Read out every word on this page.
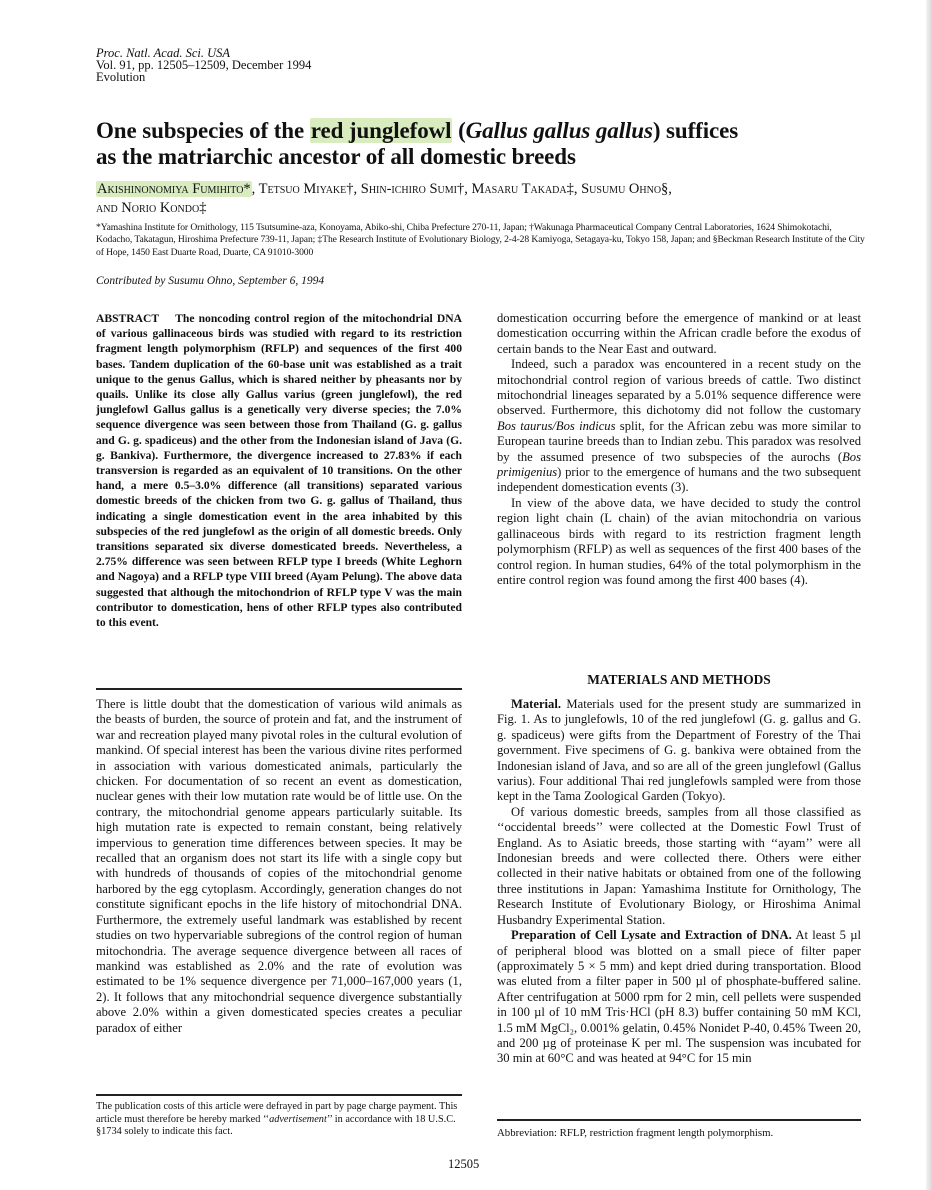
Proc. Natl. Acad. Sci. USA
Vol. 91, pp. 12505–12509, December 1994
Evolution
One subspecies of the red junglefowl (Gallus gallus gallus) suffices
as the matriarchic ancestor of all domestic breeds
Akishinonomiya Fumihito*, Tetsuo Miyake†, Shin-ichiro Sumi†, Masaru Takada‡, Susumu Ohno§,
and Norio Kondo‡
*Yamashina Institute for Ornithology, 115 Tsutsumine-aza, Konoyama, Abiko-shi, Chiba Prefecture 270-11, Japan; †Wakunaga Pharmaceutical Company Central Laboratories, 1624 Shimokotachi, Kodacho, Takatagun, Hiroshima Prefecture 739-11, Japan; ‡The Research Institute of Evolutionary Biology, 2-4-28 Kamiyoga, Setagaya-ku, Tokyo 158, Japan; and §Beckman Research Institute of the City of Hope, 1450 East Duarte Road, Duarte, CA 91010-3000
Contributed by Susumu Ohno, September 6, 1994
ABSTRACT The noncoding control region of the mitochondrial DNA of various gallinaceous birds was studied with regard to its restriction fragment length polymorphism (RFLP) and sequences of the first 400 bases. Tandem duplication of the 60-base unit was established as a trait unique to the genus Gallus, which is shared neither by pheasants nor by quails. Unlike its close ally Gallus varius (green junglefowl), the red junglefowl Gallus gallus is a genetically very diverse species; the 7.0% sequence divergence was seen between those from Thailand (G. g. gallus and G. g. spadiceus) and the other from the Indonesian island of Java (G. g. Bankiva). Furthermore, the divergence increased to 27.83% if each transversion is regarded as an equivalent of 10 transitions. On the other hand, a mere 0.5–3.0% difference (all transitions) separated various domestic breeds of the chicken from two G. g. gallus of Thailand, thus indicating a single domestication event in the area inhabited by this subspecies of the red junglefowl as the origin of all domestic breeds. Only transitions separated six diverse domesticated breeds. Nevertheless, a 2.75% difference was seen between RFLP type I breeds (White Leghorn and Nagoya) and a RFLP type VIII breed (Ayam Pelung). The above data suggested that although the mitochondrion of RFLP type V was the main contributor to domestication, hens of other RFLP types also contributed to this event.

There is little doubt that the domestication of various wild animals as the beasts of burden, the source of protein and fat, and the instrument of war and recreation played many pivotal roles in the cultural evolution of mankind. Of special interest has been the various divine rites performed in association with various domesticated animals, particularly the chicken. For documentation of so recent an event as domestication, nuclear genes with their low mutation rate would be of little use. On the contrary, the mitochondrial genome appears particularly suitable. Its high mutation rate is expected to remain constant, being relatively impervious to generation time differences between species. It may be recalled that an organism does not start its life with a single copy but with hundreds of thousands of copies of the mitochondrial genome harbored by the egg cytoplasm. Accordingly, generation changes do not constitute significant epochs in the life history of mitochondrial DNA. Furthermore, the extremely useful landmark was established by recent studies on two hypervariable subregions of the control region of human mitochondria. The average sequence divergence between all races of mankind was established as 2.0% and the rate of evolution was estimated to be 1% sequence divergence per 71,000–167,000 years (1, 2). It follows that any mitochondrial sequence divergence substantially above 2.0% within a given domesticated species creates a peculiar paradox of either

domestication occurring before the emergence of mankind or at least domestication occurring within the African cradle before the exodus of certain bands to the Near East and outward.

Indeed, such a paradox was encountered in a recent study on the mitochondrial control region of various breeds of cattle. Two distinct mitochondrial lineages separated by a 5.01% sequence difference were observed. Furthermore, this dichotomy did not follow the customary Bos taurus/Bos indicus split, for the African zebu was more similar to European taurine breeds than to Indian zebu. This paradox was resolved by the assumed presence of two subspecies of the aurochs (Bos primigenius) prior to the emergence of humans and the two subsequent independent domestication events (3).

In view of the above data, we have decided to study the control region light chain (L chain) of the avian mitochondria on various gallinaceous birds with regard to its restriction fragment length polymorphism (RFLP) as well as sequences of the first 400 bases of the control region. In human studies, 64% of the total polymorphism in the entire control region was found among the first 400 bases (4).

MATERIALS AND METHODS

Material. Materials used for the present study are summarized in Fig. 1. As to junglefowls, 10 of the red junglefowl (G. g. gallus and G. g. spadiceus) were gifts from the Department of Forestry of the Thai government. Five specimens of G. g. bankiva were obtained from the Indonesian island of Java, and so are all of the green junglefowl (Gallus varius). Four additional Thai red junglefowls sampled were from those kept in the Tama Zoological Garden (Tokyo).

Of various domestic breeds, samples from all those classified as ‘‘occidental breeds’’ were collected at the Domestic Fowl Trust of England. As to Asiatic breeds, those starting with ‘‘ayam’’ were all Indonesian breeds and were collected there. Others were either collected in their native habitats or obtained from one of the following three institutions in Japan: Yamashima Institute for Ornithology, The Research Institute of Evolutionary Biology, or Hiroshima Animal Husbandry Experimental Station.

Preparation of Cell Lysate and Extraction of DNA. At least 5 µl of peripheral blood was blotted on a small piece of filter paper (approximately 5 × 5 mm) and kept dried during transportation. Blood was eluted from a filter paper in 500 µl of phosphate-buffered saline. After centrifugation at 5000 rpm for 2 min, cell pellets were suspended in 100 µl of 10 mM Tris·HCl (pH 8.3) buffer containing 50 mM KCl, 1.5 mM MgCl₂, 0.001% gelatin, 0.45% Nonidet P-40, 0.45% Tween 20, and 200 µg of proteinase K per ml. The suspension was incubated for 30 min at 60°C and was heated at 94°C for 15 min

The publication costs of this article were defrayed in part by page charge payment. This article must therefore be hereby marked ‘‘advertisement’’ in accordance with 18 U.S.C. §1734 solely to indicate this fact.	Abbreviation: RFLP, restriction fragment length polymorphism.
12505
